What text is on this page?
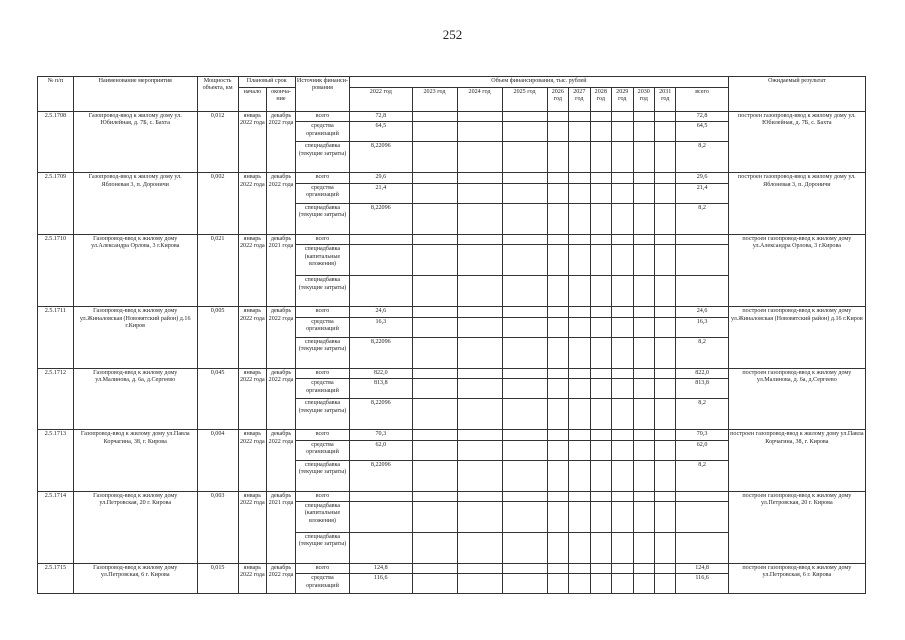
252
№ п/п	Наименование мероприятия	Мощность объекта, км	Плановый срок		Источник финанси-рования	Объем финансирования, тыс. рублей											Ожидаемый результат
			начало	оконча-ние		2022 год	2023 год	2024 год	2025 год	2026 год	2027 год	2028 год	2029 год	2030 год	2031 год	всего	

2.5.1708	Газопровод-ввод к жилому дому ул. Юбилейная, д. 7Б, с. Бахта	0,012	январь 2022 года	декабрь 2022 года	всего	72,8										72,8	построен газопровод-ввод к жилому дому ул. Юбилейная, д. 7Б, с. Бахта
					средства организаций	64,5										64,5	
					спецнадбавка (текущие затраты)	8,22096										8,2	
2.5.1709	Газопровод-ввод к жилому дому ул. Яблоневая 3, п. Дороничи	0,002	январь 2022 года	декабрь 2022 года	всего	29,6										29,6	построен газопровод-ввод к жилому дому ул. Яблоневая 3, п. Дороничи
					средства организаций	21,4										21,4	
					спецнадбавка (текущие затраты)	8,22096										8,2	
2.5.1710	Газопровод-ввод к жилому дому ул.Александра Орлова, 3 г.Кирова	0,021	январь 2022 года	декабрь 2021 года	всего												построен газопровод-ввод к жилому дому ул.Александра Орлова, 3 г.Кирова
					спецнадбавка (капитальные вложения)												
					спецнадбавка (текущие затраты)												
2.5.1711	Газопровод-ввод к жилому дому ул.Жиналовская (Нововятский район) д.16 г.Киров	0,005	январь 2022 года	декабрь 2022 года	всего	24,6										24,6	построен газопровод-ввод к жилому дому ул.Жиналовская (Нововятский район) д.16 г.Киров
					средства организаций	16,3										16,3	
					спецнадбавка (текущие затраты)	8,22096										8,2	
2.5.1712	Газопровод-ввод к жилому дому ул.Малинова, д. 6а, д.Сергеево	0,045	январь 2022 года	декабрь 2022 года	всего	822,0										822,0	построен газопровод-ввод к жилому дому ул.Малинова, д. 6а, д.Сергеево
					средства организаций	813,8										813,8	
					спецнадбавка (текущие затраты)	8,22096										8,2	
2.5.1713	Газопровод-ввод к жилому дому ул.Павла Корчагина, 38, г. Кирова	0,004	январь 2022 года	декабрь 2022 года	всего	70,3										70,3	построен газопровод-ввод к жилому дому ул.Павла Корчагина, 38, г. Кирова
					средства организаций	62,0										62,0	
					спецнадбавка (текущие затраты)	8,22096										8,2	
2.5.1714	Газопровод-ввод к жилому дому ул.Петровская, 20 г. Кирова	0,003	январь 2022 года	декабрь 2021 года	всего												построен газопровод-ввод к жилому дому ул.Петровская, 20 г. Кирова
					спецнадбавка (капитальные вложения)												
					спецнадбавка (текущие затраты)												
2.5.1715	Газопровод-ввод к жилому дому ул.Петровская, 6 г. Кирова	0,015	январь 2022 года	декабрь 2022 года	всего	124,8										124,8	построен газопровод-ввод к жилому дому ул.Петровская, 6 г. Кирова
					средства организаций	116,6										116,6	
